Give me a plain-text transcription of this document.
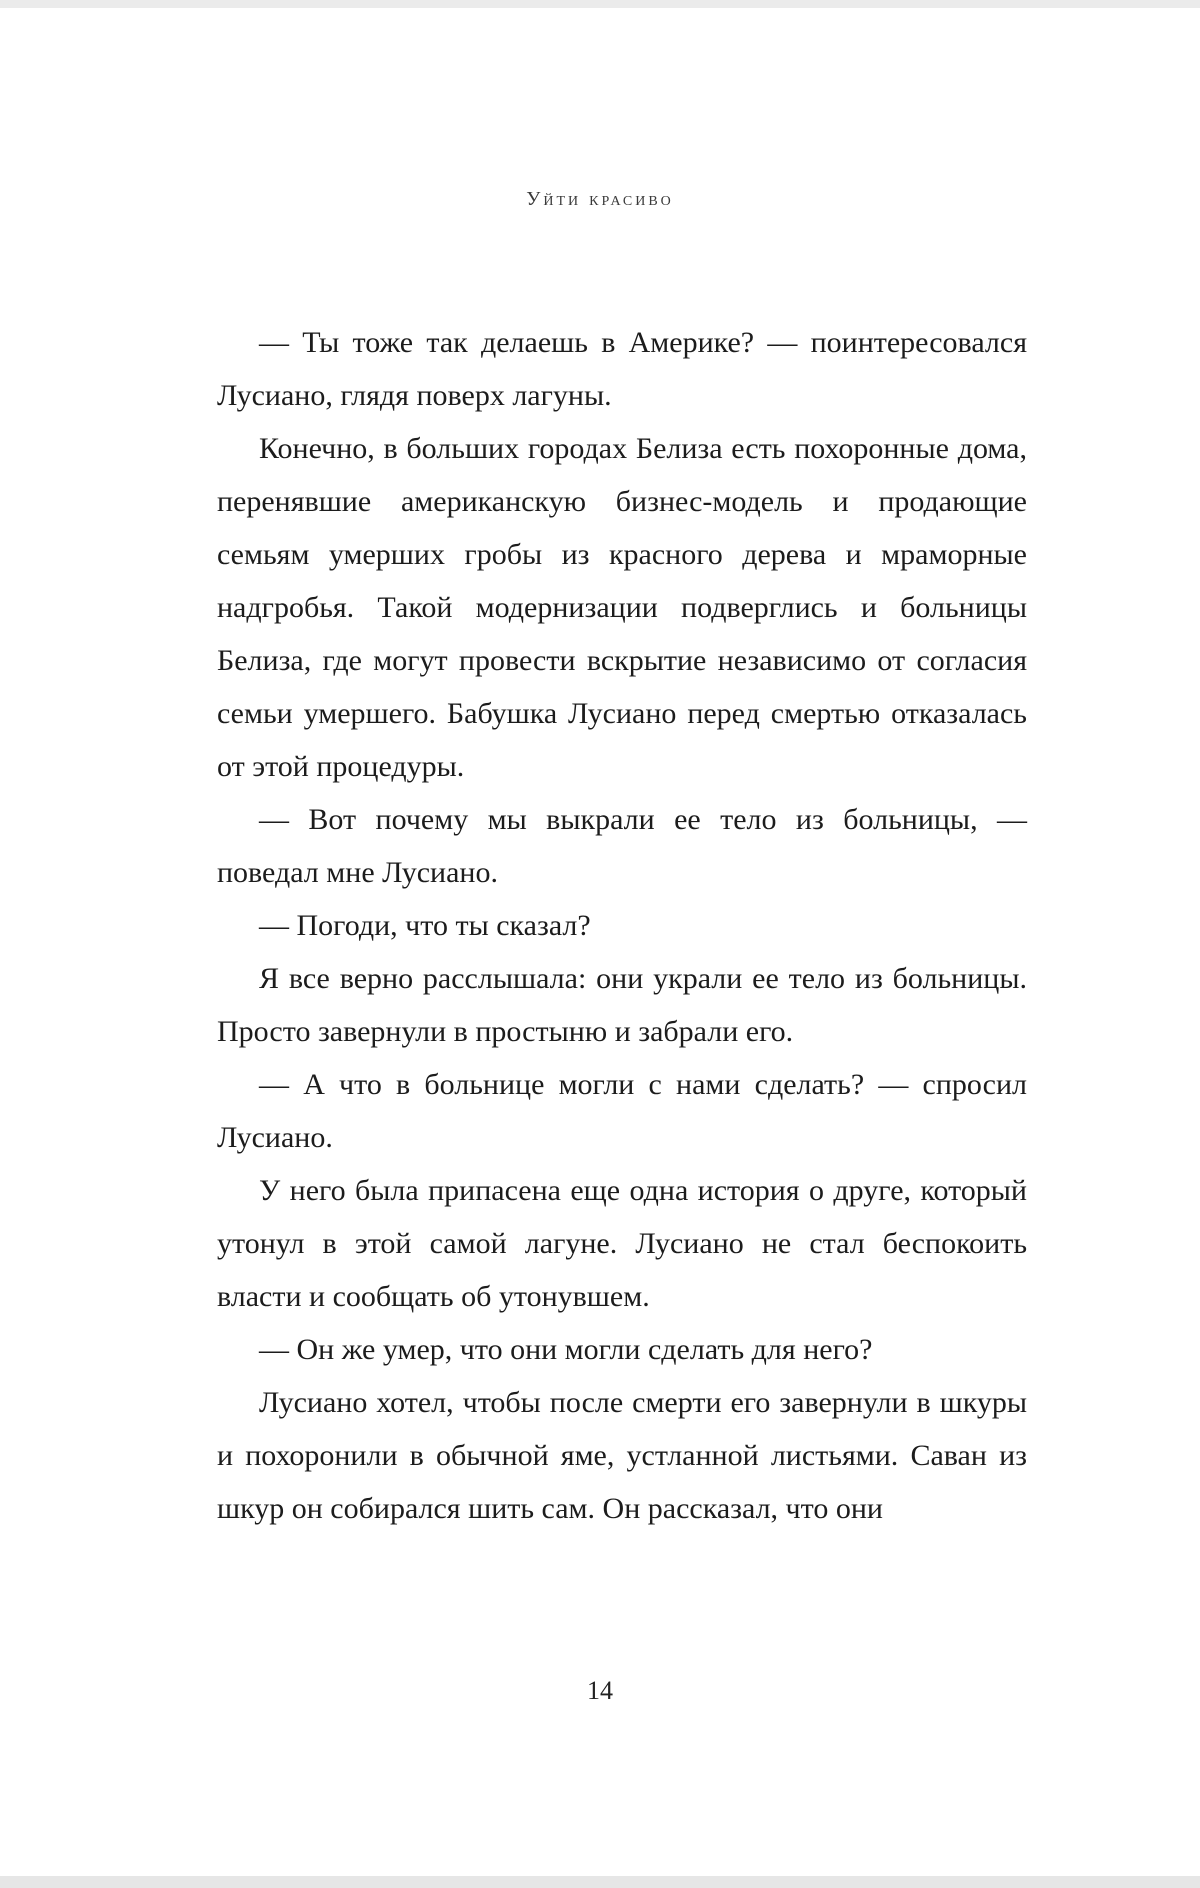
Уйти красиво

— Ты тоже так делаешь в Америке? — поинтересовался Лусиано, глядя поверх лагуны.

Конечно, в больших городах Белиза есть похоронные дома, перенявшие американскую бизнес-модель и продающие семьям умерших гробы из красного дерева и мраморные надгробья. Такой модернизации подверглись и больницы Белиза, где могут провести вскрытие независимо от согласия семьи умершего. Бабушка Лусиано перед смертью отказалась от этой процедуры.

— Вот почему мы выкрали ее тело из больницы, — поведал мне Лусиано.

— Погоди, что ты сказал?

Я все верно расслышала: они украли ее тело из больницы. Просто завернули в простыню и забрали его.

— А что в больнице могли с нами сделать? — спросил Лусиано.

У него была припасена еще одна история о друге, который утонул в этой самой лагуне. Лусиано не стал беспокоить власти и сообщать об утонувшем.

— Он же умер, что они могли сделать для него?

Лусиано хотел, чтобы после смерти его завернули в шкуры и похоронили в обычной яме, устланной листьями. Саван из шкур он собирался шить сам. Он рассказал, что они

14
